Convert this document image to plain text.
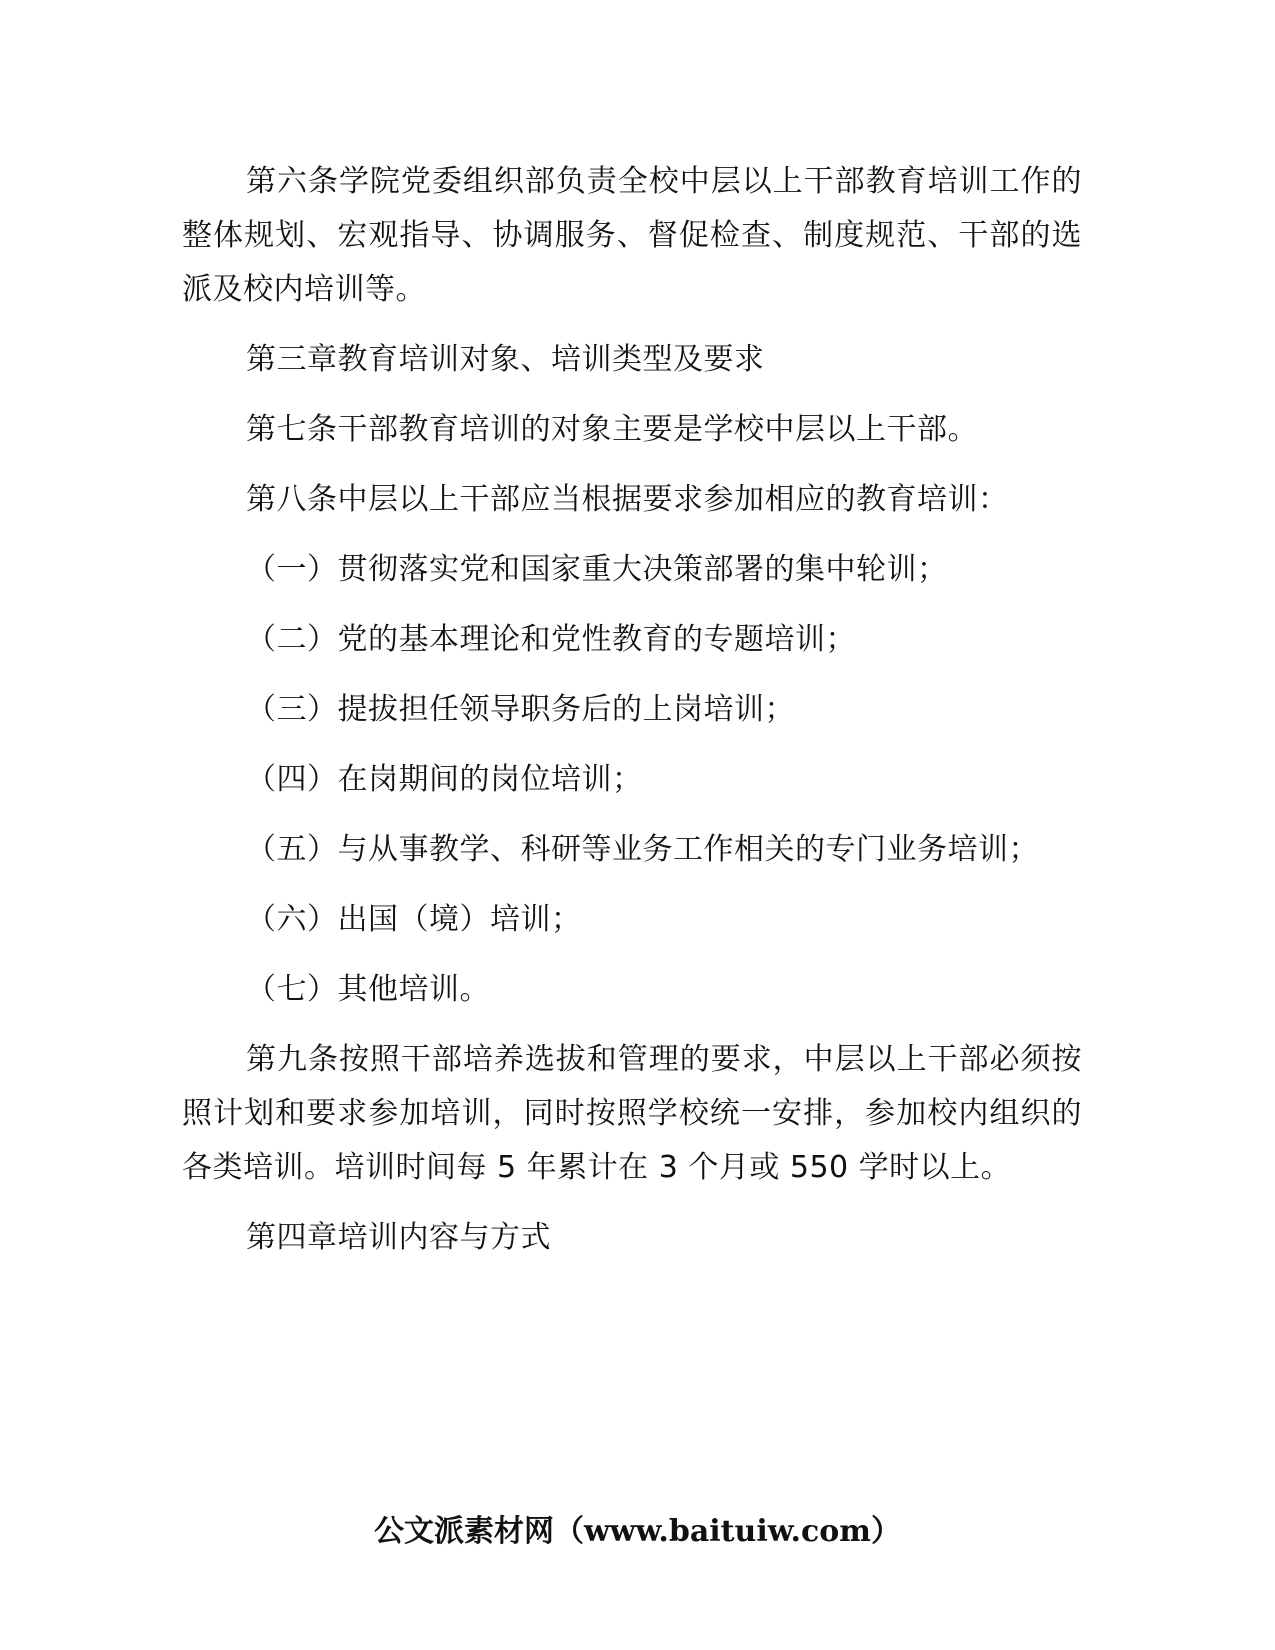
第六条学院党委组织部负责全校中层以上干部教育培训工作的整体规划、宏观指导、协调服务、督促检查、制度规范、干部的选派及校内培训等。

第三章教育培训对象、培训类型及要求

第七条干部教育培训的对象主要是学校中层以上干部。

第八条中层以上干部应当根据要求参加相应的教育培训：

（一）贯彻落实党和国家重大决策部署的集中轮训；

（二）党的基本理论和党性教育的专题培训；

（三）提拔担任领导职务后的上岗培训；

（四）在岗期间的岗位培训；

（五）与从事教学、科研等业务工作相关的专门业务培训；

（六）出国（境）培训；

（七）其他培训。

第九条按照干部培养选拔和管理的要求，中层以上干部必须按照计划和要求参加培训，同时按照学校统一安排，参加校内组织的各类培训。培训时间每 5 年累计在 3 个月或 550 学时以上。

第四章培训内容与方式

公文派素材网（www.baituiw.com）
